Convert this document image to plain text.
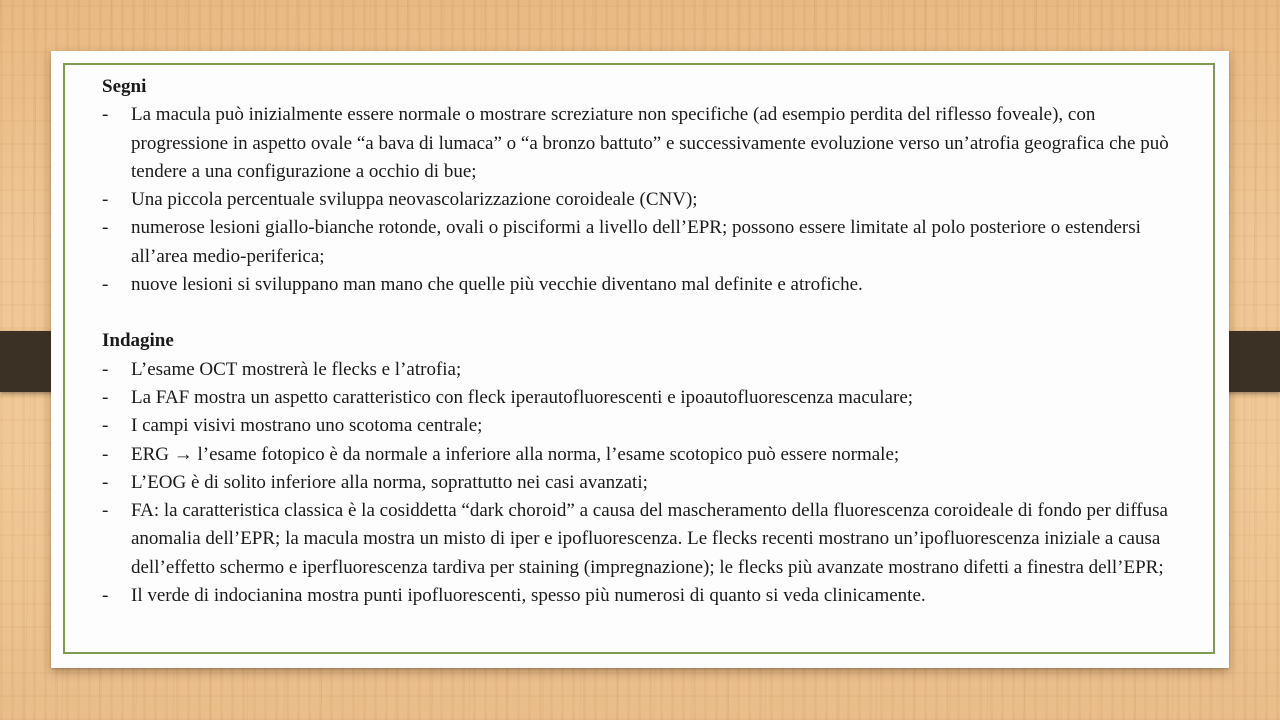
Segni

- La macula può inizialmente essere normale o mostrare screziature non specifiche (ad esempio perdita del riflesso foveale), con progressione in aspetto ovale “a bava di lumaca” o “a bronzo battuto” e successivamente evoluzione verso un’atrofia geografica che può tendere a una configurazione a occhio di bue;
- Una piccola percentuale sviluppa neovascolarizzazione coroideale (CNV);
- numerose lesioni giallo-bianche rotonde, ovali o pisciformi a livello dell’EPR; possono essere limitate al polo posteriore o estendersi all’area medio-periferica;
- nuove lesioni si sviluppano man mano che quelle più vecchie diventano mal definite e atrofiche.

Indagine

- L’esame OCT mostrerà le flecks e l’atrofia;
- La FAF mostra un aspetto caratteristico con fleck iperautofluorescenti e ipoautofluorescenza maculare;
- I campi visivi mostrano uno scotoma centrale;
- ERG → l’esame fotopico è da normale a inferiore alla norma, l’esame scotopico può essere normale;
- L’EOG è di solito inferiore alla norma, soprattutto nei casi avanzati;
- FA: la caratteristica classica è la cosiddetta “dark choroid” a causa del mascheramento della fluorescenza coroideale di fondo per diffusa anomalia dell’EPR; la macula mostra un misto di iper e ipofluorescenza. Le flecks recenti mostrano un’ipofluorescenza iniziale a causa dell’effetto schermo e iperfluorescenza tardiva per staining (impregnazione); le flecks più avanzate mostrano difetti a finestra dell’EPR;
- Il verde di indocianina mostra punti ipofluorescenti, spesso più numerosi di quanto si veda clinicamente.
